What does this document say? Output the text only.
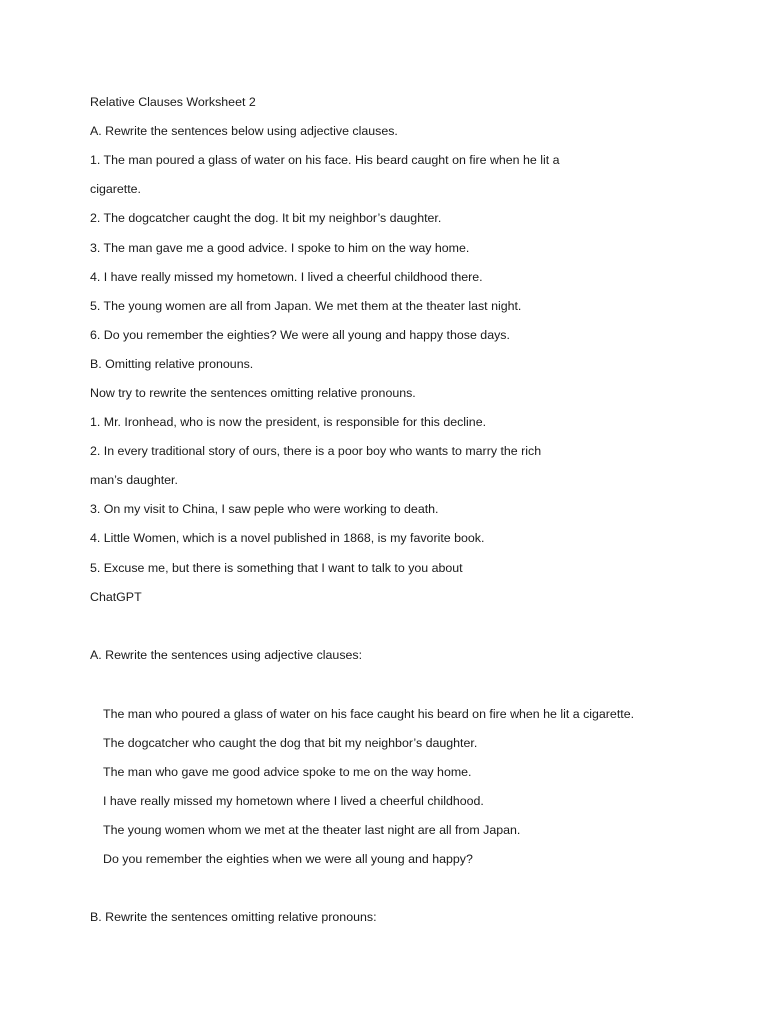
Relative Clauses Worksheet 2
A. Rewrite the sentences below using adjective clauses.
1. The man poured a glass of water on his face. His beard caught on fire when he lit a
cigarette.
2. The dogcatcher caught the dog. It bit my neighbor’s daughter.
3. The man gave me a good advice. I spoke to him on the way home.
4. I have really missed my hometown. I lived a cheerful childhood there.
5. The young women are all from Japan. We met them at the theater last night.
6. Do you remember the eighties? We were all young and happy those days.
B. Omitting relative pronouns.
Now try to rewrite the sentences omitting relative pronouns.
1. Mr. Ironhead, who is now the president, is responsible for this decline.
2. In every traditional story of ours, there is a poor boy who wants to marry the rich
man’s daughter.
3. On my visit to China, I saw peple who were working to death.
4. Little Women, which is a novel published in 1868, is my favorite book.
5. Excuse me, but there is something that I want to talk to you about
ChatGPT
A. Rewrite the sentences using adjective clauses:
The man who poured a glass of water on his face caught his beard on fire when he lit a cigarette.
The dogcatcher who caught the dog that bit my neighbor’s daughter.
The man who gave me good advice spoke to me on the way home.
I have really missed my hometown where I lived a cheerful childhood.
The young women whom we met at the theater last night are all from Japan.
Do you remember the eighties when we were all young and happy?
B. Rewrite the sentences omitting relative pronouns:
